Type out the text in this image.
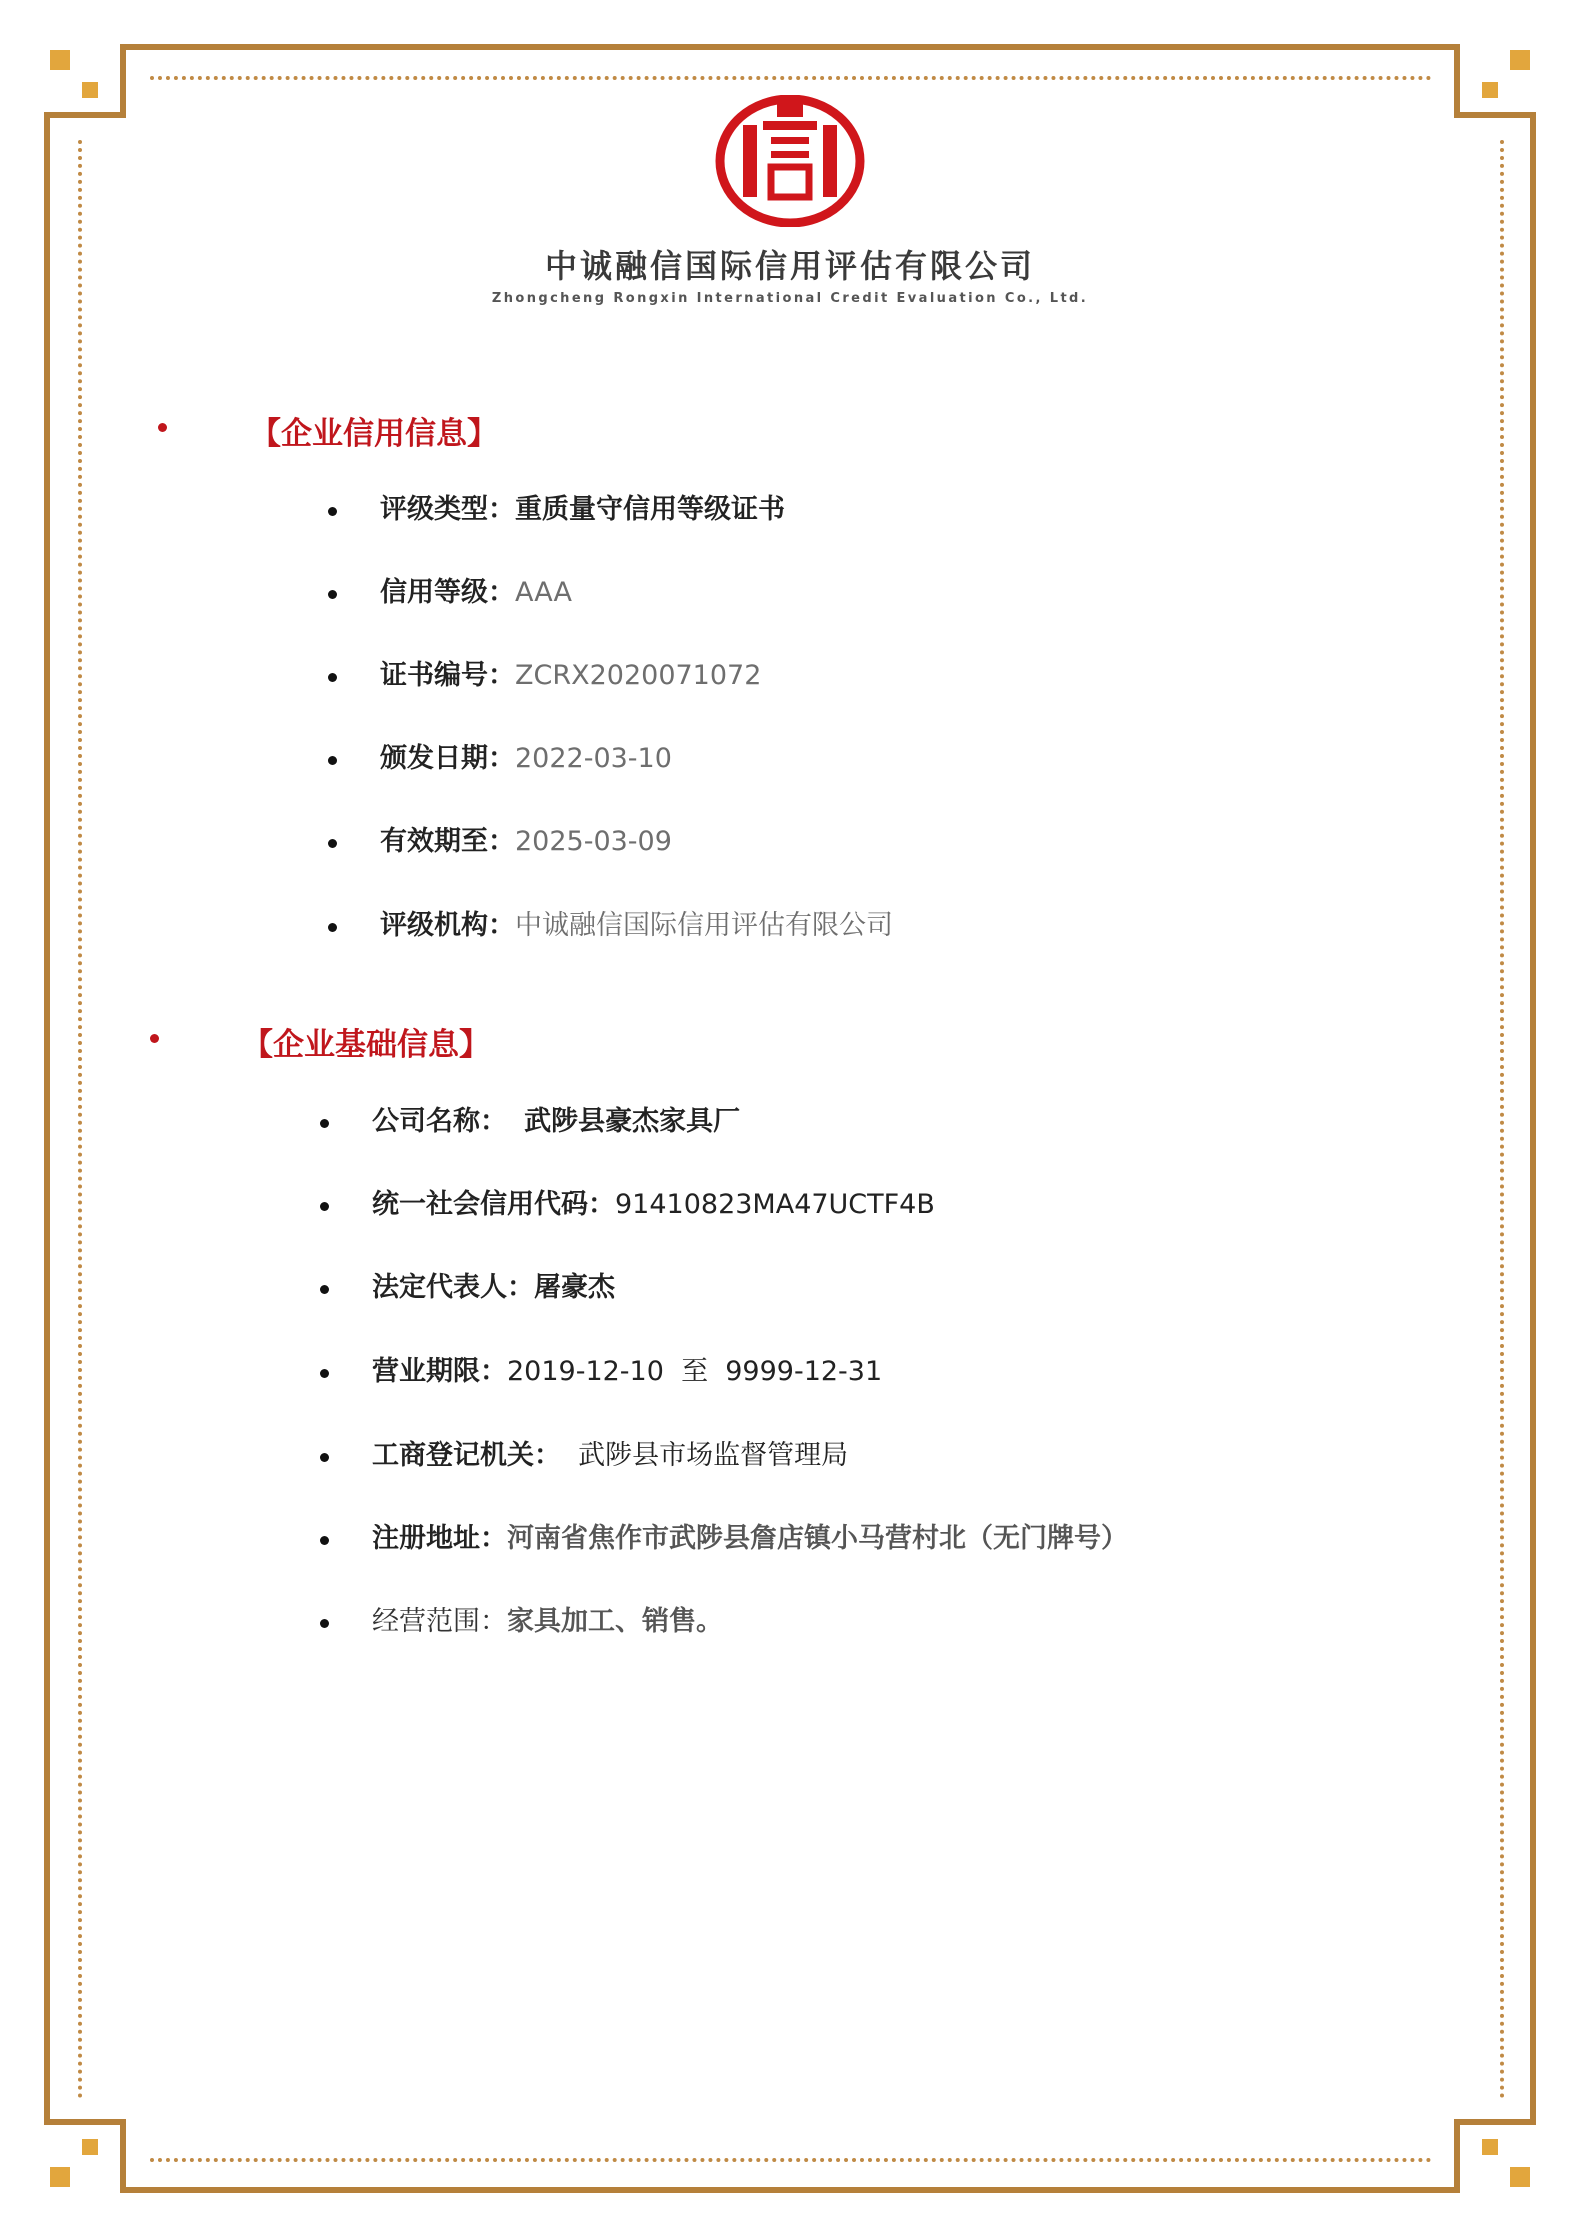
中诚融信国际信用评估有限公司
Zhongcheng Rongxin International Credit Evaluation Co., Ltd.
【企业信用信息】
评级类型：重质量守信用等级证书
信用等级：AAA
证书编号：ZCRX2020071072
颁发日期：2022-03-10
有效期至：2025-03-09
评级机构：中诚融信国际信用评估有限公司
【企业基础信息】
公司名称： 武陟县豪杰家具厂
统一社会信用代码：91410823MA47UCTF4B
法定代表人：屠豪杰
营业期限：2019-12-10  至  9999-12-31
工商登记机关： 武陟县市场监督管理局
注册地址：河南省焦作市武陟县詹店镇小马营村北（无门牌号）
经营范围：家具加工、销售。
